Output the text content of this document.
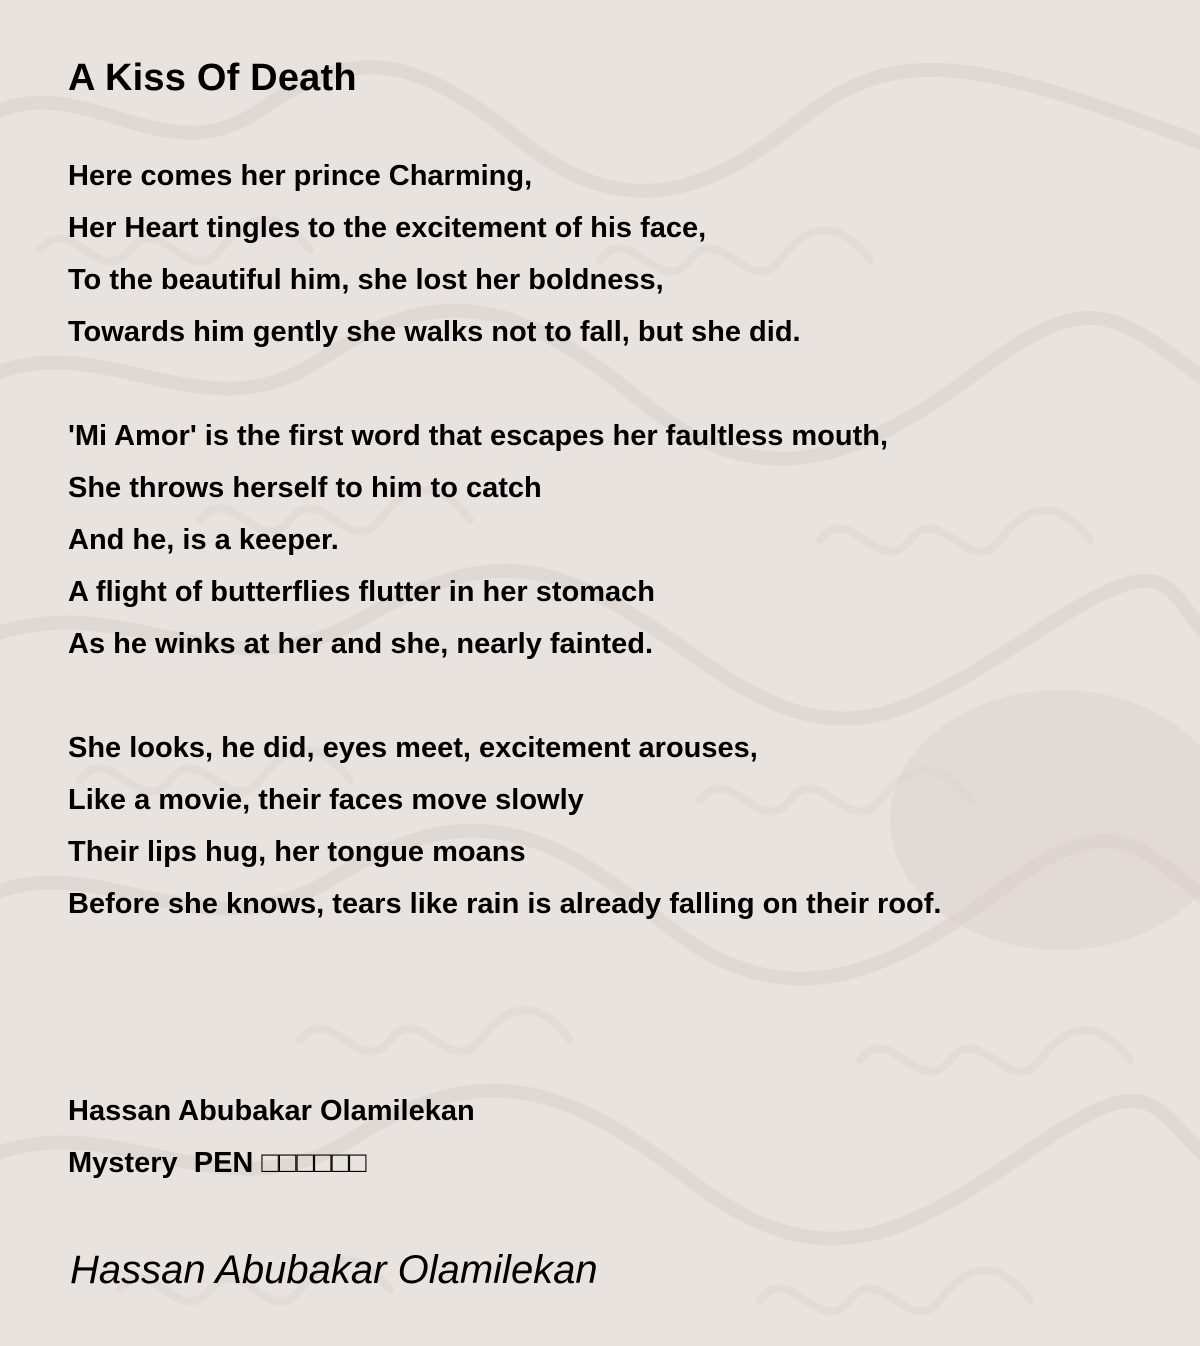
A Kiss Of Death
Here comes her prince Charming,
Her Heart tingles to the excitement of his face,
To the beautiful him, she lost her boldness,
Towards him gently she walks not to fall, but she did.
'Mi Amor' is the first word that escapes her faultless mouth,
She throws herself to him to catch
And he, is a keeper.
A flight of butterflies flutter in her stomach
As he winks at her and she, nearly fainted.
She looks, he did, eyes meet, excitement arouses,
Like a movie, their faces move slowly
Their lips hug, her tongue moans
Before she knows, tears like rain is already falling on their roof.
Hassan Abubakar Olamilekan
Mystery  PEN □□□□□□
Hassan Abubakar Olamilekan
